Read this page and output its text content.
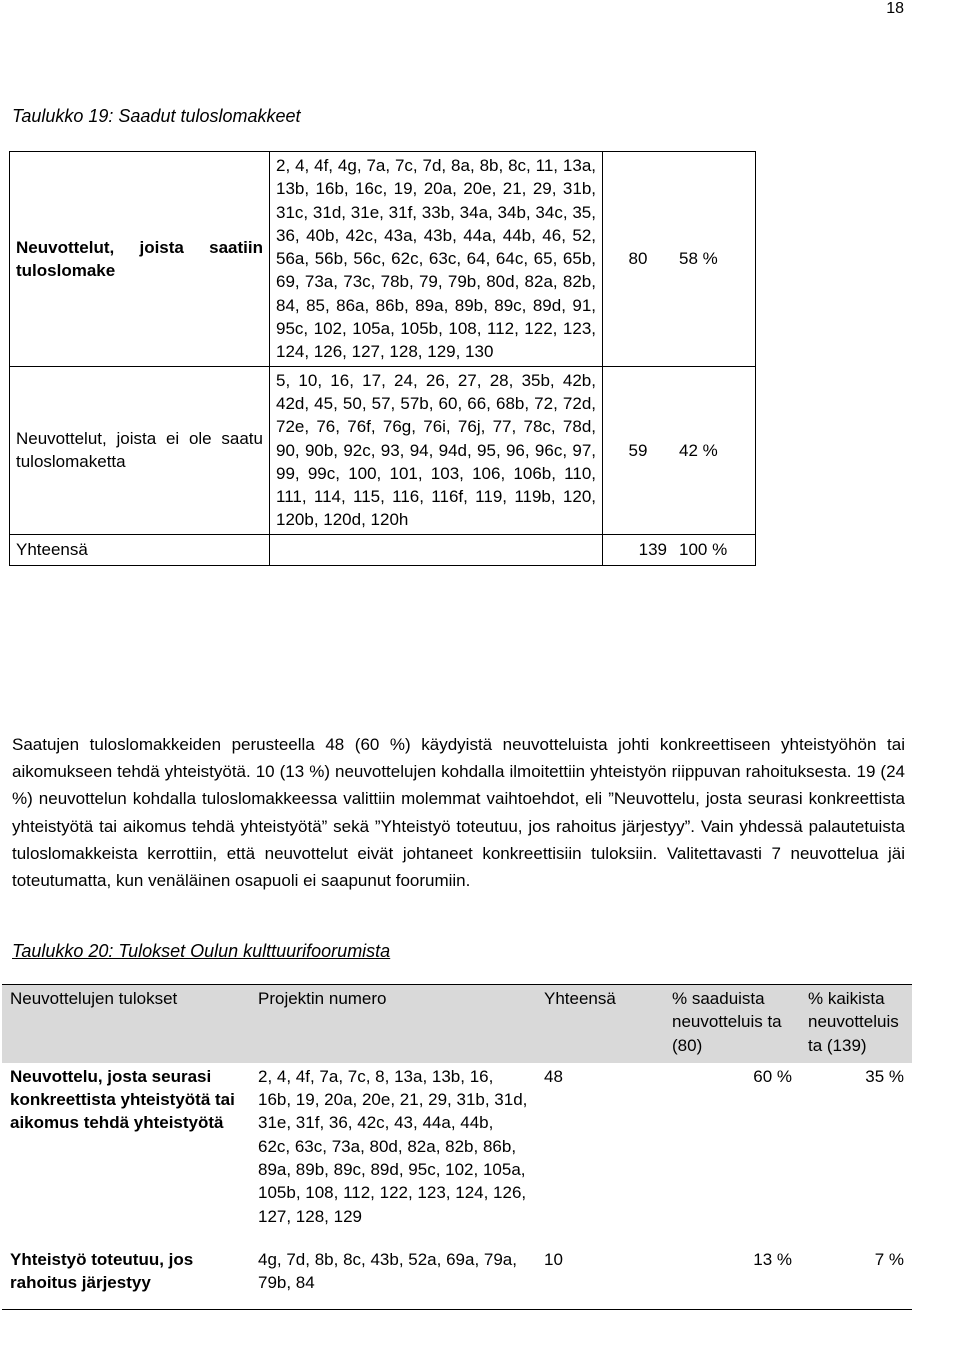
18
Taulukko 19: Saadut tuloslomakkeet
Neuvottelut, joista saatiin tuloslomake	2, 4, 4f, 4g, 7a, 7c, 7d, 8a, 8b, 8c, 11, 13a, 13b, 16b, 16c, 19, 20a, 20e, 21, 29, 31b, 31c, 31d, 31e, 31f, 33b, 34a, 34b, 34c, 35, 36, 40b, 42c, 43a, 43b, 44a, 44b, 46, 52, 56a, 56b, 56c, 62c, 63c, 64, 64c, 65, 65b, 69, 73a, 73c, 78b, 79, 79b, 80d, 82a, 82b, 84, 85, 86a, 86b, 89a, 89b, 89c, 89d, 91, 95c, 102, 105a, 105b, 108, 112, 122, 123, 124, 126, 127, 128, 129, 130	80	58 %
Neuvottelut, joista ei ole saatu tuloslomaketta	5, 10, 16, 17, 24, 26, 27, 28, 35b, 42b, 42d, 45, 50, 57, 57b, 60, 66, 68b, 72, 72d, 72e, 76, 76f, 76g, 76i, 76j, 77, 78c, 78d, 90, 90b, 92c, 93, 94, 94d, 95, 96, 96c, 97, 99, 99c, 100, 101, 103, 106, 106b, 110, 111, 114, 115, 116, 116f, 119, 119b, 120, 120b, 120d, 120h	59	42 %
Yhteensä		139	100 %
Saatujen tuloslomakkeiden perusteella 48 (60 %) käydyistä neuvotteluista johti konkreettiseen yhteistyöhön tai aikomukseen tehdä yhteistyötä. 10 (13 %) neuvottelujen kohdalla ilmoitettiin yhteistyön riippuvan rahoituksesta. 19 (24 %) neuvottelun kohdalla tuloslomakkeessa valittiin molemmat vaihtoehdot, eli ”Neuvottelu, josta seurasi konkreettista yhteistyötä tai aikomus tehdä yhteistyötä” sekä ”Yhteistyö toteutuu, jos rahoitus järjestyy”. Vain yhdessä palautetuista tuloslomakkeista kerrottiin, että neuvottelut eivät johtaneet konkreettisiin tuloksiin. Valitettavasti 7 neuvottelua jäi toteutumatta, kun venäläinen osapuoli ei saapunut foorumiin.
Taulukko 20: Tulokset Oulun kulttuurifoorumista
Neuvottelujen tulokset	Projektin numero	Yhteensä	% saaduista neuvotteluis ta (80)	% kaikista neuvotteluis ta (139)
Neuvottelu, josta seurasi konkreettista yhteistyötä tai aikomus tehdä yhteistyötä	2, 4, 4f, 7a, 7c, 8, 13a, 13b, 16, 16b, 19, 20a, 20e, 21, 29, 31b, 31d, 31e, 31f, 36, 42c, 43, 44a, 44b, 62c, 63c, 73a, 80d, 82a, 82b, 86b, 89a, 89b, 89c, 89d, 95c, 102, 105a, 105b, 108, 112, 122, 123, 124, 126, 127, 128, 129	48	60 %	35 %
Yhteistyö toteutuu, jos rahoitus järjestyy	4g, 7d, 8b, 8c, 43b, 52a, 69a, 79a, 79b, 84	10	13 %	7 %
